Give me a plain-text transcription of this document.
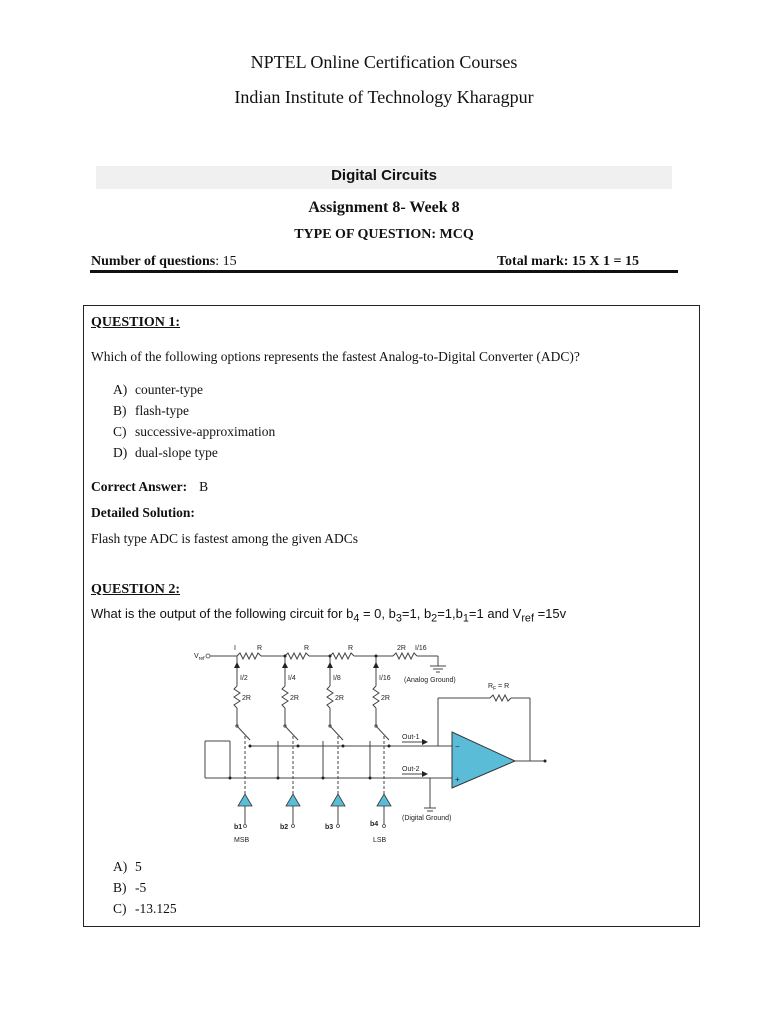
NPTEL Online Certification Courses
Indian Institute of Technology Kharagpur
Digital Circuits
Assignment 8- Week 8
TYPE OF QUESTION: MCQ
Number of questions: 15	Total mark: 15 X 1 = 15
QUESTION 1:
Which of the following options represents the fastest Analog-to-Digital Converter (ADC)?
A) counter-type
B) flash-type
C) successive-approximation
D) dual-slope type
Correct Answer: B
Detailed Solution:
Flash type ADC is fastest among the given ADCs
QUESTION 2:
What is the output of the following circuit for $b_4 = 0$, $b_3=1$, $b_2=1,b_1=1$ and $V_{ref} =15v$
$V_{ref}$
I	R	R	R	2R I/16
I/2	I/4	I/8	I/16
2R	2R	2R	2R
(Analog Ground)
$R_F = R$
Out-1
Out-2
−
+
(Digital Ground)
b1	b2	b3	b4
MSB	LSB
A) 5
B) -5
C) -13.125
